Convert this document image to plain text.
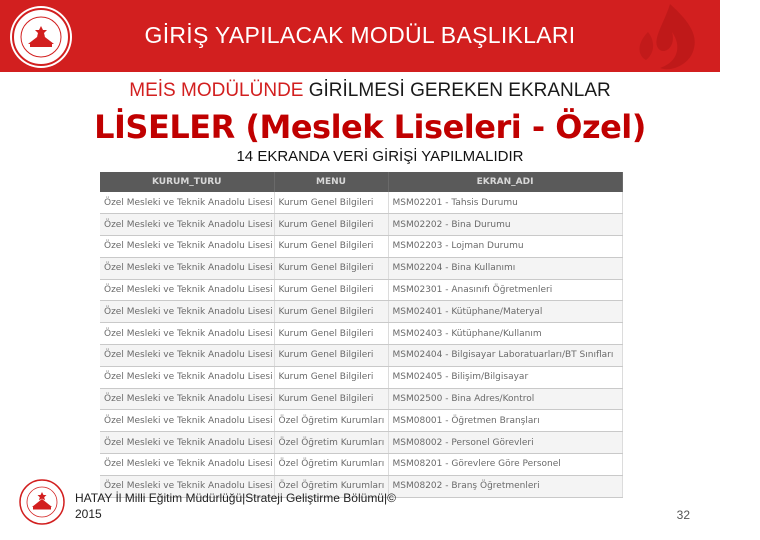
GİRİŞ YAPILACAK MODÜL BAŞLIKLARI
MEİS MODÜLÜNDE GİRİLMESİ GEREKEN EKRANLAR
LİSELER (Meslek Liseleri - Özel)
14 EKRANDA VERİ GİRİŞİ YAPILMALIDIR
KURUM_TURU	MENU	EKRAN_ADI
Özel Mesleki ve Teknik Anadolu Lisesi	Kurum Genel Bilgileri	MSM02201 - Tahsis Durumu
Özel Mesleki ve Teknik Anadolu Lisesi	Kurum Genel Bilgileri	MSM02202 - Bina Durumu
Özel Mesleki ve Teknik Anadolu Lisesi	Kurum Genel Bilgileri	MSM02203 - Lojman Durumu
Özel Mesleki ve Teknik Anadolu Lisesi	Kurum Genel Bilgileri	MSM02204 - Bina Kullanımı
Özel Mesleki ve Teknik Anadolu Lisesi	Kurum Genel Bilgileri	MSM02301 - Anasınıfı Öğretmenleri
Özel Mesleki ve Teknik Anadolu Lisesi	Kurum Genel Bilgileri	MSM02401 - Kütüphane/Materyal
Özel Mesleki ve Teknik Anadolu Lisesi	Kurum Genel Bilgileri	MSM02403 - Kütüphane/Kullanım
Özel Mesleki ve Teknik Anadolu Lisesi	Kurum Genel Bilgileri	MSM02404 - Bilgisayar Laboratuarları/BT Sınıfları
Özel Mesleki ve Teknik Anadolu Lisesi	Kurum Genel Bilgileri	MSM02405 - Bilişim/Bilgisayar
Özel Mesleki ve Teknik Anadolu Lisesi	Kurum Genel Bilgileri	MSM02500 - Bina Adres/Kontrol
Özel Mesleki ve Teknik Anadolu Lisesi	Özel Öğretim Kurumları	MSM08001 - Öğretmen Branşları
Özel Mesleki ve Teknik Anadolu Lisesi	Özel Öğretim Kurumları	MSM08002 - Personel Görevleri
Özel Mesleki ve Teknik Anadolu Lisesi	Özel Öğretim Kurumları	MSM08201 - Görevlere Göre Personel
Özel Mesleki ve Teknik Anadolu Lisesi	Özel Öğretim Kurumları	MSM08202 - Branş Öğretmenleri
HATAY İl Milli Eğitim Müdürlüğü|Strateji Geliştirme Bölümü|©
2015	32
